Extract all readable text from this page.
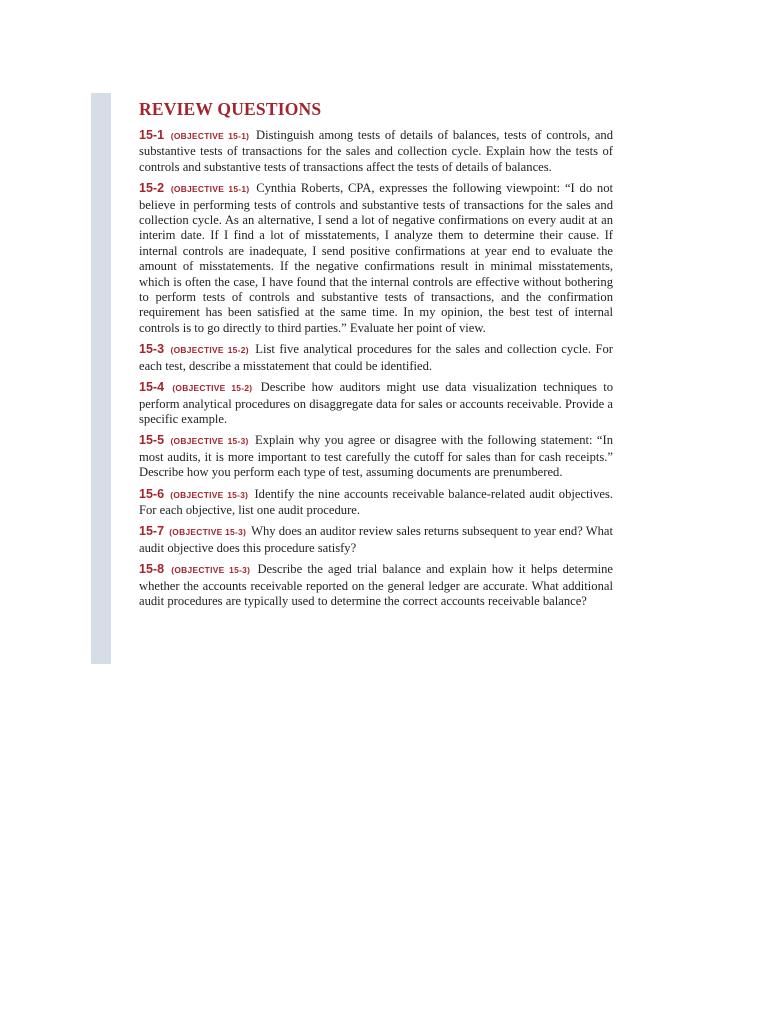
REVIEW QUESTIONS

15-1 (OBJECTIVE 15-1) Distinguish among tests of details of balances, tests of controls, and substantive tests of transactions for the sales and collection cycle. Explain how the tests of controls and substantive tests of transactions affect the tests of details of balances.

15-2 (OBJECTIVE 15-1) Cynthia Roberts, CPA, expresses the following viewpoint: “I do not believe in performing tests of controls and substantive tests of transactions for the sales and collection cycle. As an alternative, I send a lot of negative confirmations on every audit at an interim date. If I find a lot of misstatements, I analyze them to determine their cause. If internal controls are inadequate, I send positive confirmations at year end to evaluate the amount of misstatements. If the negative confirmations result in minimal misstatements, which is often the case, I have found that the internal controls are effective without bothering to perform tests of controls and substantive tests of transactions, and the confirmation requirement has been satisfied at the same time. In my opinion, the best test of internal controls is to go directly to third parties.” Evaluate her point of view.

15-3 (OBJECTIVE 15-2) List five analytical procedures for the sales and collection cycle. For each test, describe a misstatement that could be identified.

15-4 (OBJECTIVE 15-2) Describe how auditors might use data visualization techniques to perform analytical procedures on disaggregate data for sales or accounts receivable. Provide a specific example.

15-5 (OBJECTIVE 15-3) Explain why you agree or disagree with the following statement: “In most audits, it is more important to test carefully the cutoff for sales than for cash receipts.” Describe how you perform each type of test, assuming documents are prenumbered.

15-6 (OBJECTIVE 15-3) Identify the nine accounts receivable balance-related audit objectives. For each objective, list one audit procedure.

15-7 (OBJECTIVE 15-3) Why does an auditor review sales returns subsequent to year end? What audit objective does this procedure satisfy?

15-8 (OBJECTIVE 15-3) Describe the aged trial balance and explain how it helps determine whether the accounts receivable reported on the general ledger are accurate. What additional audit procedures are typically used to determine the correct accounts receivable balance?
